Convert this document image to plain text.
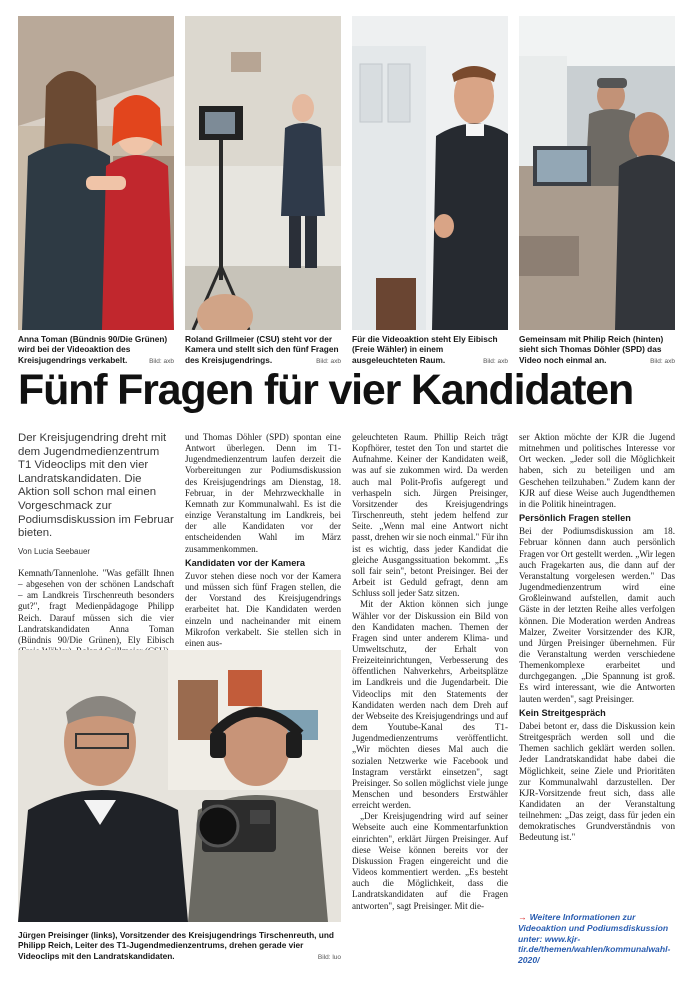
Anna Toman (Bündnis 90/Die Grünen) wird bei der Videoaktion des Kreisjugendrings verkabelt.	Bild: axb
Roland Grillmeier (CSU) steht vor der Kamera und stellt sich den fünf Fragen des Kreisjugendrings.	Bild: axb
Für die Videoaktion steht Ely Eibisch (Freie Wähler) in einem ausgeleuchteten Raum.	Bild: axb
Gemeinsam mit Philip Reich (hinten) sieht sich Thomas Döhler (SPD) das Video noch einmal an.	Bild: axb
Fünf Fragen für vier Kandidaten
Der Kreisjugendring dreht mit dem Jugendmedienzentrum T1 Videoclips mit den vier Landratskandidaten. Die Aktion soll schon mal einen Vorgeschmack zur Podiumsdiskussion im Februar bieten.
Von Lucia Seebauer

Kemnath/Tannenlohe. "Was gefällt Ihnen – abgesehen von der schönen Landschaft – am Landkreis Tirschenreuth besonders gut?", fragt Medienpädagoge Philipp Reich. Darauf müssen sich die vier Landratskandidaten Anna Toman (Bündnis 90/Die Grünen), Ely Eibisch

und Thomas Döhler (SPD) spontan eine Antwort überlegen. Denn im T1-Jugendmedienzentrum laufen derzeit die Vorbereitungen zur Podiumsdiskussion des Kreisjugendrings am Dienstag, 18. Februar, in der Mehrzweckhalle in Kemnath zur Kommunalwahl. Es ist die einzige Veranstaltung im Landkreis, bei der alle Kandidaten vor der entscheidenden Wahl im März zusammenkommen.

Kandidaten vor der Kamera

Zuvor stehen diese noch vor der Kamera und müssen sich fünf Fragen stellen, die der Vorstand des Kreisjugendrings erarbeitet hat. Die Kandidaten werden einzeln und nacheinander mit einem Mikrofon verkabelt. Sie stellen sich in einen aus-

Jürgen Preisinger (links), Vorsitzender des Kreisjugendrings Tirschenreuth, und Philipp Reich, Leiter des T1-Jugendmedienzentrums, drehen gerade vier Videoclips mit den Landratskandidaten.	Bild: luo

geleuchteten Raum. Phillip Reich trägt Kopfhörer, testet den Ton und startet die Aufnahme. Keiner der Kandidaten weiß, was auf sie zukommen wird. Da werden auch mal Polit-Profis aufgeregt und verhaspeln sich. Jürgen Preisinger, Vorsitzender des Kreisjugendrings Tirschenreuth, steht jedem helfend zur Seite. „Wenn mal eine Antwort nicht passt, drehen wir sie noch einmal." Für ihn ist es wichtig, dass jeder Kandidat die gleiche Ausgangssituation bekommt. „Es soll fair sein", betont Preisinger. Bei der Arbeit ist Geduld gefragt, denn am Schluss soll jeder Satz sitzen.

Mit der Aktion können sich junge Wähler vor der Diskussion ein Bild von den Kandidaten machen. Themen der Fragen sind unter anderem Klima- und Umweltschutz, der Erhalt von Freizeiteinrichtungen, Verbesserung des öffentlichen Nahverkehrs, Arbeitsplätze im Landkreis und die Jugendarbeit. Die Videoclips mit den Statements der Kandidaten werden nach dem Dreh auf der Webseite des Kreisjugendrings und auf dem Youtube-Kanal des T1-Jugendmedienzentrums veröffentlicht. „Wir möchten dieses Mal auch die sozialen Netzwerke wie Facebook und Instagram verstärkt einsetzen", sagt Preisinger. So sollen möglichst viele junge Menschen und besonders Erstwähler erreicht werden.

„Der Kreisjugendring wird auf seiner Webseite auch eine Kommentarfunktion einrichten", erklärt Jürgen Preisinger. Auf diese Weise können bereits vor der Diskussion Fragen eingereicht und die Videos kommentiert werden. „Es besteht auch die Möglichkeit, dass die Landratskandidaten auf die Fragen antworten", sagt Preisinger. Mit die-

ser Aktion möchte der KJR die Jugend mitnehmen und politisches Interesse vor Ort wecken. „Jeder soll die Möglichkeit haben, sich zu beteiligen und am Geschehen teilzuhaben." Zudem kann der KJR auf diese Weise auch Jugendthemen in die Politik hineintragen.

Persönlich Fragen stellen

Bei der Podiumsdiskussion am 18. Februar können dann auch persönlich Fragen vor Ort gestellt werden. „Wir legen auch Fragekarten aus, die dann auf der Veranstaltung vorgelesen werden." Das Jugendmedienzentrum wird eine Großleinwand aufstellen, damit auch Gäste in der letzten Reihe alles verfolgen können. Die Moderation werden Andreas Malzer, Zweiter Vorsitzender des KJR, und Jürgen Preisinger übernehmen. Für die Veranstaltung werden verschiedene Themenkomplexe erarbeitet und durchgegangen. „Die Spannung ist groß. Es wird interessant, wie die Antworten lauten werden", sagt Preisinger.

Kein Streitgespräch

Dabei betont er, dass die Diskussion kein Streitgespräch werden soll und die Themen sachlich geklärt werden sollen. Jeder Landratskandidat habe dabei die Möglichkeit, seine Ziele und Prioritäten zur Kommunalwahl darzustellen. Der KJR-Vorsitzende freut sich, dass alle Kandidaten an der Veranstaltung teilnehmen: „Das zeigt, dass für jeden ein demokratisches Grundverständnis von Bedeutung ist."

→ Weitere Informationen zur Videoaktion und Podiumsdiskussion unter: www.kjr-tir.de/themen/wahlen/kommunalwahl-2020/
